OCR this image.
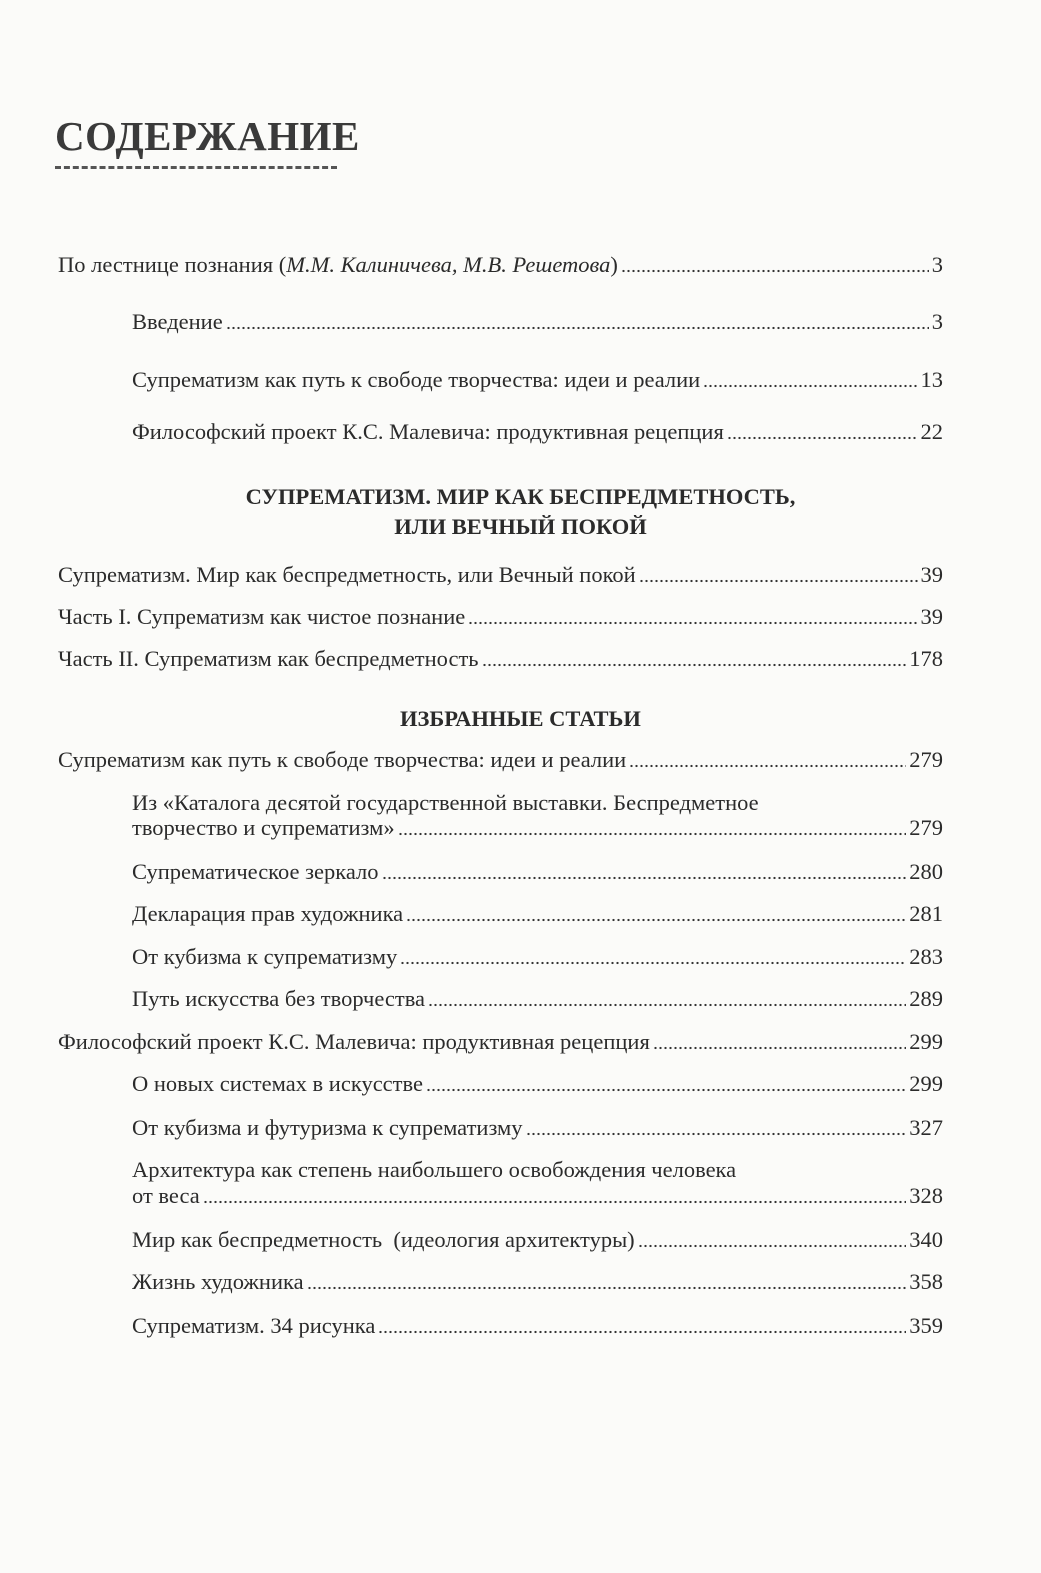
СОДЕРЖАНИЕ
По лестнице познания (М.М. Калиничева, М.В. Решетова)	3
Введение	3
Супрематизм как путь к свободе творчества: идеи и реалии	13
Философский проект К.С. Малевича: продуктивная рецепция	22
СУПРЕМАТИЗМ. МИР КАК БЕСПРЕДМЕТНОСТЬ,
ИЛИ ВЕЧНЫЙ ПОКОЙ
Супрематизм. Мир как беспредметность, или Вечный покой	39
Часть I. Супрематизм как чистое познание	39
Часть II. Супрематизм как беспредметность	178
ИЗБРАННЫЕ СТАТЬИ
Супрематизм как путь к свободе творчества: идеи и реалии	279
Из «Каталога десятой государственной выставки. Беспредметное
творчество и супрематизм»	279
Супрематическое зеркало	280
Декларация прав художника	281
От кубизма к супрематизму	283
Путь искусства без творчества	289
Философский проект К.С. Малевича: продуктивная рецепция	299
О новых системах в искусстве	299
От кубизма и футуризма к супрематизму	327
Архитектура как степень наибольшего освобождения человека
от веса	328
Мир как беспредметность  (идеология архитектуры)	340
Жизнь художника	358
Супрематизм. 34 рисунка	359
